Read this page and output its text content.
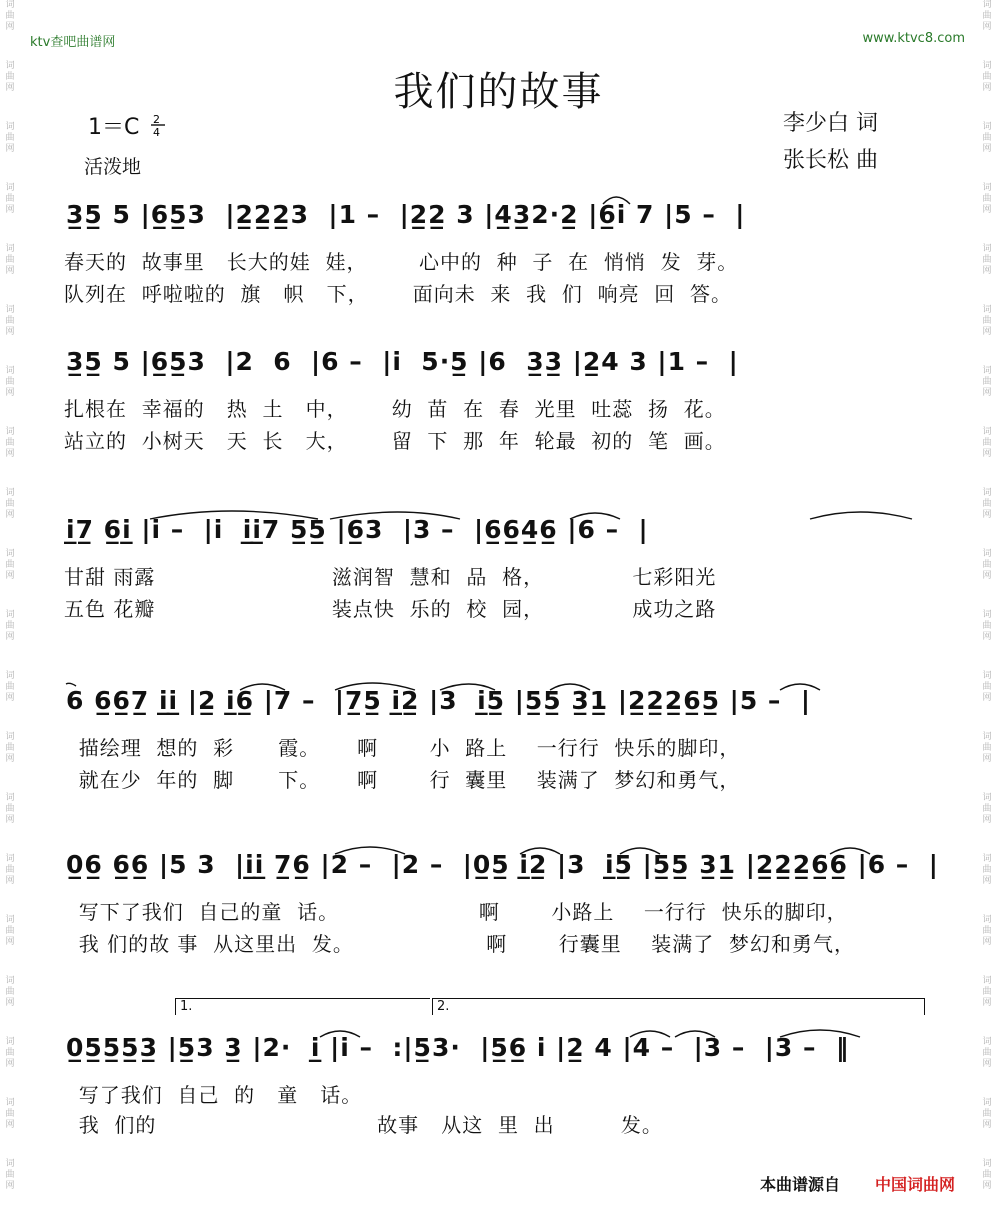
词
曲
网
词
曲
网
词
曲
网
词
曲
网
词
曲
网
词
曲
网
词
曲
网
词
曲
网
词
曲
网
词
曲
网
词
曲
网
词
曲
网
词
曲
网
词
曲
网
词
曲
网
词
曲
网
词
曲
网
词
曲
网
词
曲
网
词
曲
网
词
曲
网
词
曲
网
词
曲
网
词
曲
网
词
曲
网
词
曲
网
词
曲
网
词
曲
网
词
曲
网
词
曲
网
词
曲
网
词
曲
网
词
曲
网
词
曲
网
词
曲
网
词
曲
网
词
曲
网
词
曲
网
词
曲
网
词
曲
网
ktv查吧曲谱网	www.ktvc8.com
我们的故事
1＝C 2
4
活泼地
李少白 词
张长松 曲
3̲5̲ 5 |6̲5̲3  |2̲2̲2̲3  |1 –  |2̲2̲ 3 |4̲3̲2·2̲ |6̲i 7 |5 –  |
春天的  故事里   长大的娃  娃，       心中的  种  子  在  悄悄  发  芽。
队列在  呼啦啦的  旗   帜   下，      面向未  来  我  们  响亮  回  答。
3̲5̲ 5 |6̲5̲3  |2  6  |6 –  |i  5·5̲ |6  3̲3̲ |2̲4 3 |1 –  |
扎根在  幸福的   热  土   中，      幼  苗  在  春  光里  吐蕊  扬  花。
站立的  小树天   天  长   大，      留  下  那  年  轮最  初的  笔  画。
i̲7̲ 6̲i̲ |i –  |i  i̲i̲7 5̲5̲ |6̲3  |3 –  |6̲6̲4̲6̲ |6 –  |
甘甜 雨露                        滋润智  慧和  品  格，            七彩阳光
五色 花瓣                        装点快  乐的  校  园，            成功之路
6 6̲6̲7̲ i̲i̲ |2̲ i̲6̲ |7 –  |7̲5̲ i̲2̲ |3  i̲5̲ |5̲5̲ 3̲1̲ |2̲2̲2̲6̲5̲ |5 –  |
描绘理  想的  彩      霞。     啊       小  路上    一行行  快乐的脚印，
就在少  年的  脚      下。     啊       行  囊里    装满了  梦幻和勇气，
0̲6̲ 6̲6̲ |5 3  |i̲i̲ 7̲6̲ |2 –  |2 –  |0̲5̲ i̲2̲ |3  i̲5̲ |5̲5̲ 3̲1̲ |2̲2̲2̲6̲6̲ |6 –  |
写下了我们  自己的童  话。                   啊       小路上    一行行  快乐的脚印，
我 们的故 事  从这里出  发。                  啊       行囊里    装满了  梦幻和勇气，
1.	2.
0̲5̲5̲5̲3̲ |5̲3 3̲ |2·  i̲ |i –  :|5̲3·  |5̲6̲ i |2̲ 4 |4 –  |3 –  |3 –  ‖
写了我们  自己  的   童   话。
我  们的                              故事   从这  里  出         发。
本曲谱源自 中国词曲网
